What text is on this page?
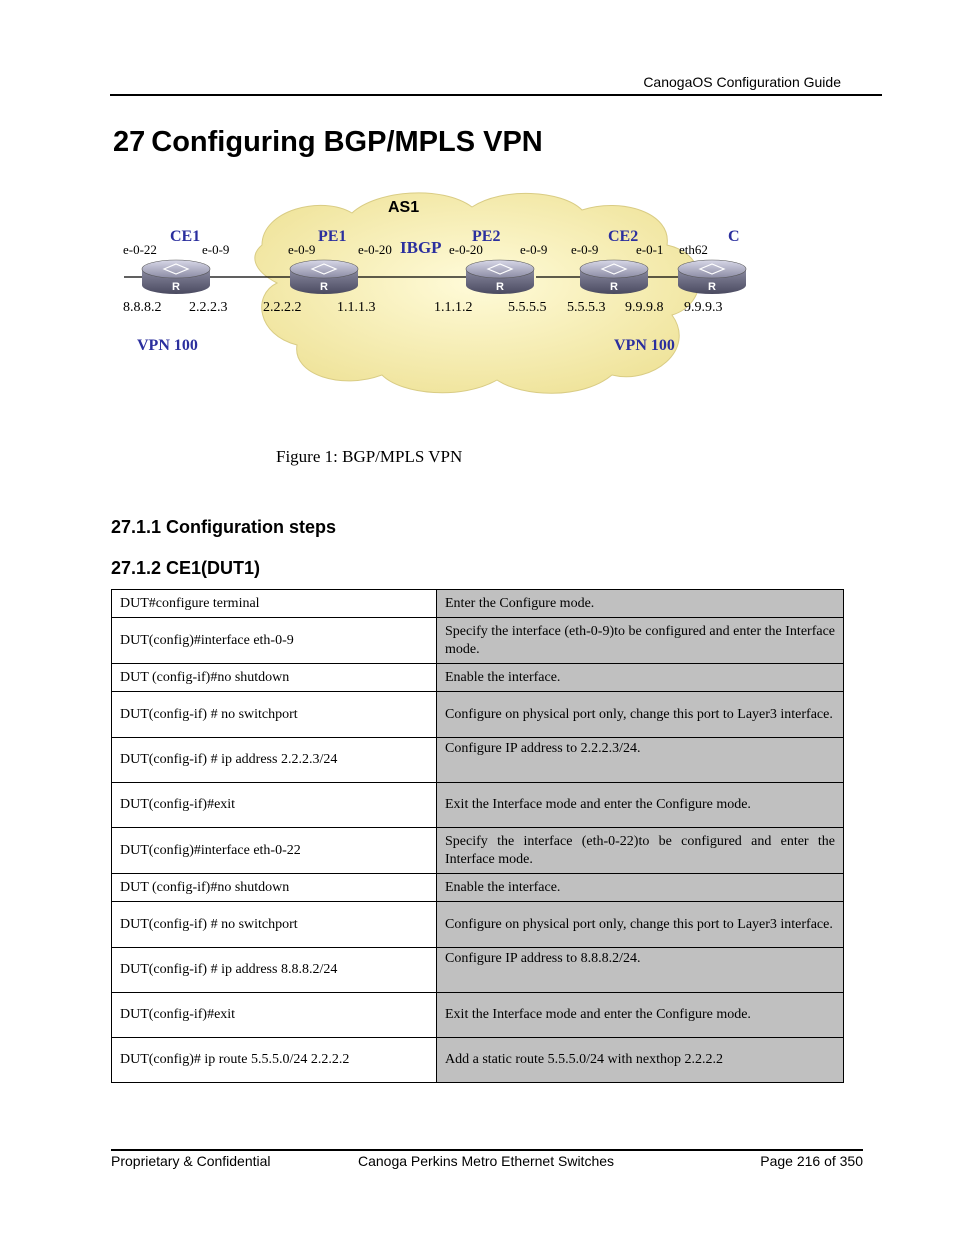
CanogaOS Configuration Guide
27 Configuring BGP/MPLS VPN
R	R	R	R	R
AS1
CE1	PE1	PE2	CE2	C
IBGP
VPN 100	VPN 100
e-0-22	e-0-9	e-0-9	e-0-20	e-0-20	e-0-9 e-0-9	e-0-1 eth62
8.8.8.2 2.2.2.3	2.2.2.2	1.1.1.3	1.1.1.2	5.5.5.5 5.5.5.3 9.9.9.8 9.9.9.3
Figure 1: BGP/MPLS VPN
27.1.1 Configuration steps
27.1.2 CE1(DUT1)
DUT#configure terminal	Enter the Configure mode.
DUT(config)#interface eth-0-9	Specify the interface (eth-0-9)to be configured and enter the Interface mode.
DUT (config-if)#no shutdown	Enable the interface.
DUT(config-if) # no switchport	Configure on physical port only, change this port to Layer3 interface.
DUT(config-if) # ip address 2.2.2.3/24	Configure IP address to 2.2.2.3/24.
DUT(config-if)#exit	Exit the Interface mode and enter the Configure mode.
DUT(config)#interface eth-0-22	Specify the interface (eth-0-22)to be configured and enter the Interface mode.
DUT (config-if)#no shutdown	Enable the interface.
DUT(config-if) # no switchport	Configure on physical port only, change this port to Layer3 interface.
DUT(config-if) # ip address 8.8.8.2/24	Configure IP address to 8.8.8.2/24.
DUT(config-if)#exit	Exit the Interface mode and enter the Configure mode.
DUT(config)# ip route 5.5.5.0/24 2.2.2.2	Add a static route 5.5.5.0/24 with nexthop 2.2.2.2
Proprietary & Confidential	Canoga Perkins Metro Ethernet Switches	Page 216 of 350
